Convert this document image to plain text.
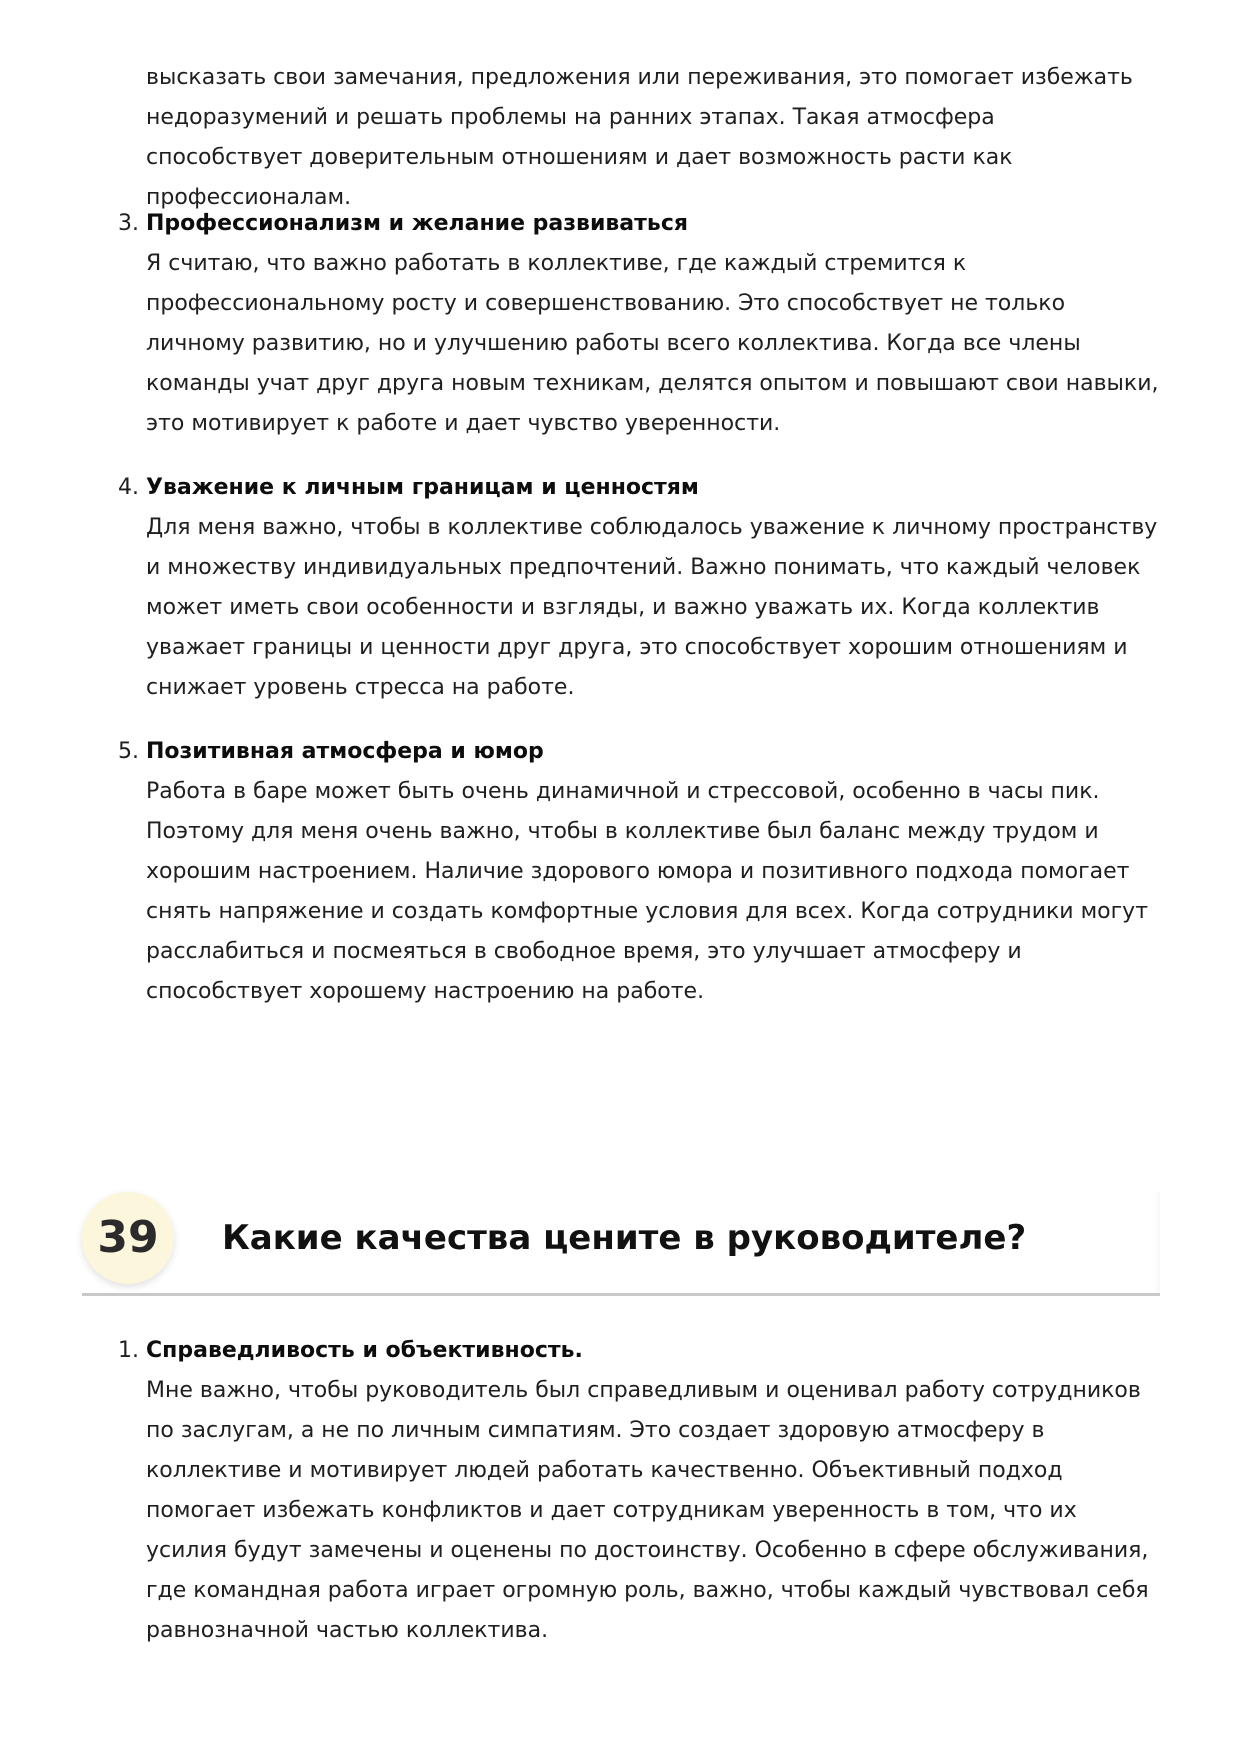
высказать свои замечания, предложения или переживания, это помогает избежать недоразумений и решать проблемы на ранних этапах. Такая атмосфера способствует доверительным отношениям и дает возможность расти как профессионалам.

3. Профессионализм и желание развиваться

Я считаю, что важно работать в коллективе, где каждый стремится к профессиональному росту и совершенствованию. Это способствует не только личному развитию, но и улучшению работы всего коллектива. Когда все члены команды учат друг друга новым техникам, делятся опытом и повышают свои навыки, это мотивирует к работе и дает чувство уверенности.

4. Уважение к личным границам и ценностям

Для меня важно, чтобы в коллективе соблюдалось уважение к личному пространству и множеству индивидуальных предпочтений. Важно понимать, что каждый человек может иметь свои особенности и взгляды, и важно уважать их. Когда коллектив уважает границы и ценности друг друга, это способствует хорошим отношениям и снижает уровень стресса на работе.

5. Позитивная атмосфера и юмор

Работа в баре может быть очень динамичной и стрессовой, особенно в часы пик. Поэтому для меня очень важно, чтобы в коллективе был баланс между трудом и хорошим настроением. Наличие здорового юмора и позитивного подхода помогает снять напряжение и создать комфортные условия для всех. Когда сотрудники могут расслабиться и посмеяться в свободное время, это улучшает атмосферу и способствует хорошему настроению на работе.

39	Какие качества цените в руководителе?
1. Справедливость и объективность.

Мне важно, чтобы руководитель был справедливым и оценивал работу сотрудников по заслугам, а не по личным симпатиям. Это создает здоровую атмосферу в коллективе и мотивирует людей работать качественно. Объективный подход помогает избежать конфликтов и дает сотрудникам уверенность в том, что их усилия будут замечены и оценены по достоинству. Особенно в сфере обслуживания, где командная работа играет огромную роль, важно, чтобы каждый чувствовал себя равнозначной частью коллектива.
